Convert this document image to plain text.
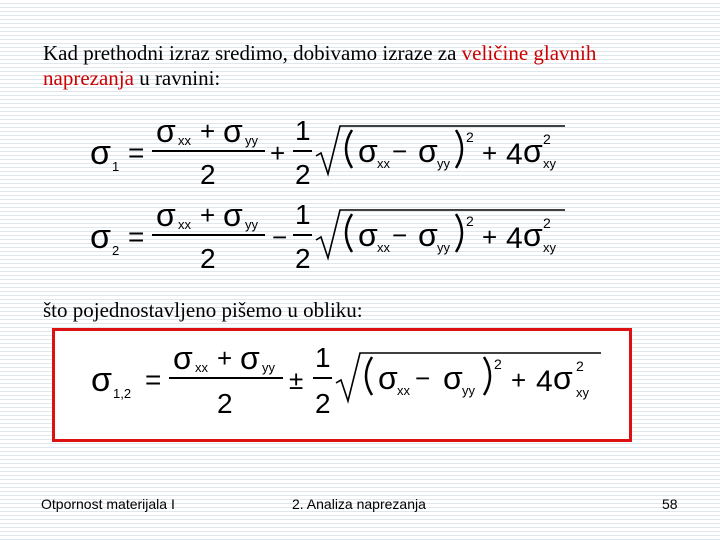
Kad prethodni izraz sredimo, dobivamo izraze za veličine glavnih naprezanja u ravnini:
σ 1 =
σ xx + σ yy
2
+
1
2
σ xx − σ yy
2
+ 4 σ 2
xy
σ 2 =
σ xx + σ yy
2
−
1
2
σ xx − σ yy
2
+ 4 σ 2
xy
što pojednostavljeno pišemo u obliku:
σ 1,2 =
σ xx + σ yy
2
±
1
2
σ xx − σ yy
2
+ 4 σ 2
xy
Otpornost materijala I	2. Analiza naprezanja	58
